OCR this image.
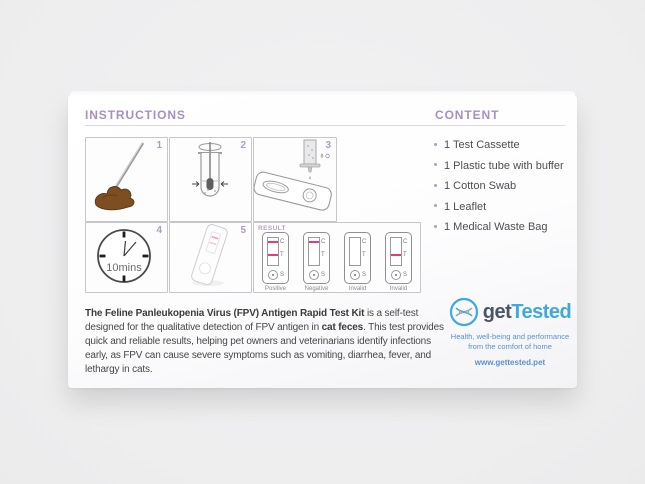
INSTRUCTIONS	CONTENT
1	2	3
10mins
4	5 RESULT
C
T
S
Positive
C
T
S
Negative
C
T
S
Invalid
C
T
S
Invalid
The Feline Panleukopenia Virus (FPV) Antigen Rapid Test Kit is a self-test designed for the qualitative detection of FPV antigen in cat feces. This test provides quick and reliable results, helping pet owners and veterinarians identify infections early, as FPV can cause severe symptoms such as vomiting, diarrhea, fever, and lethargy in cats.
1 Test Cassette
1 Plastic tube with buffer
1 Cotton Swab
1 Leaflet
1 Medical Waste Bag
getTested
Health, well-being and performance
from the comfort of home
www.gettested.pet
